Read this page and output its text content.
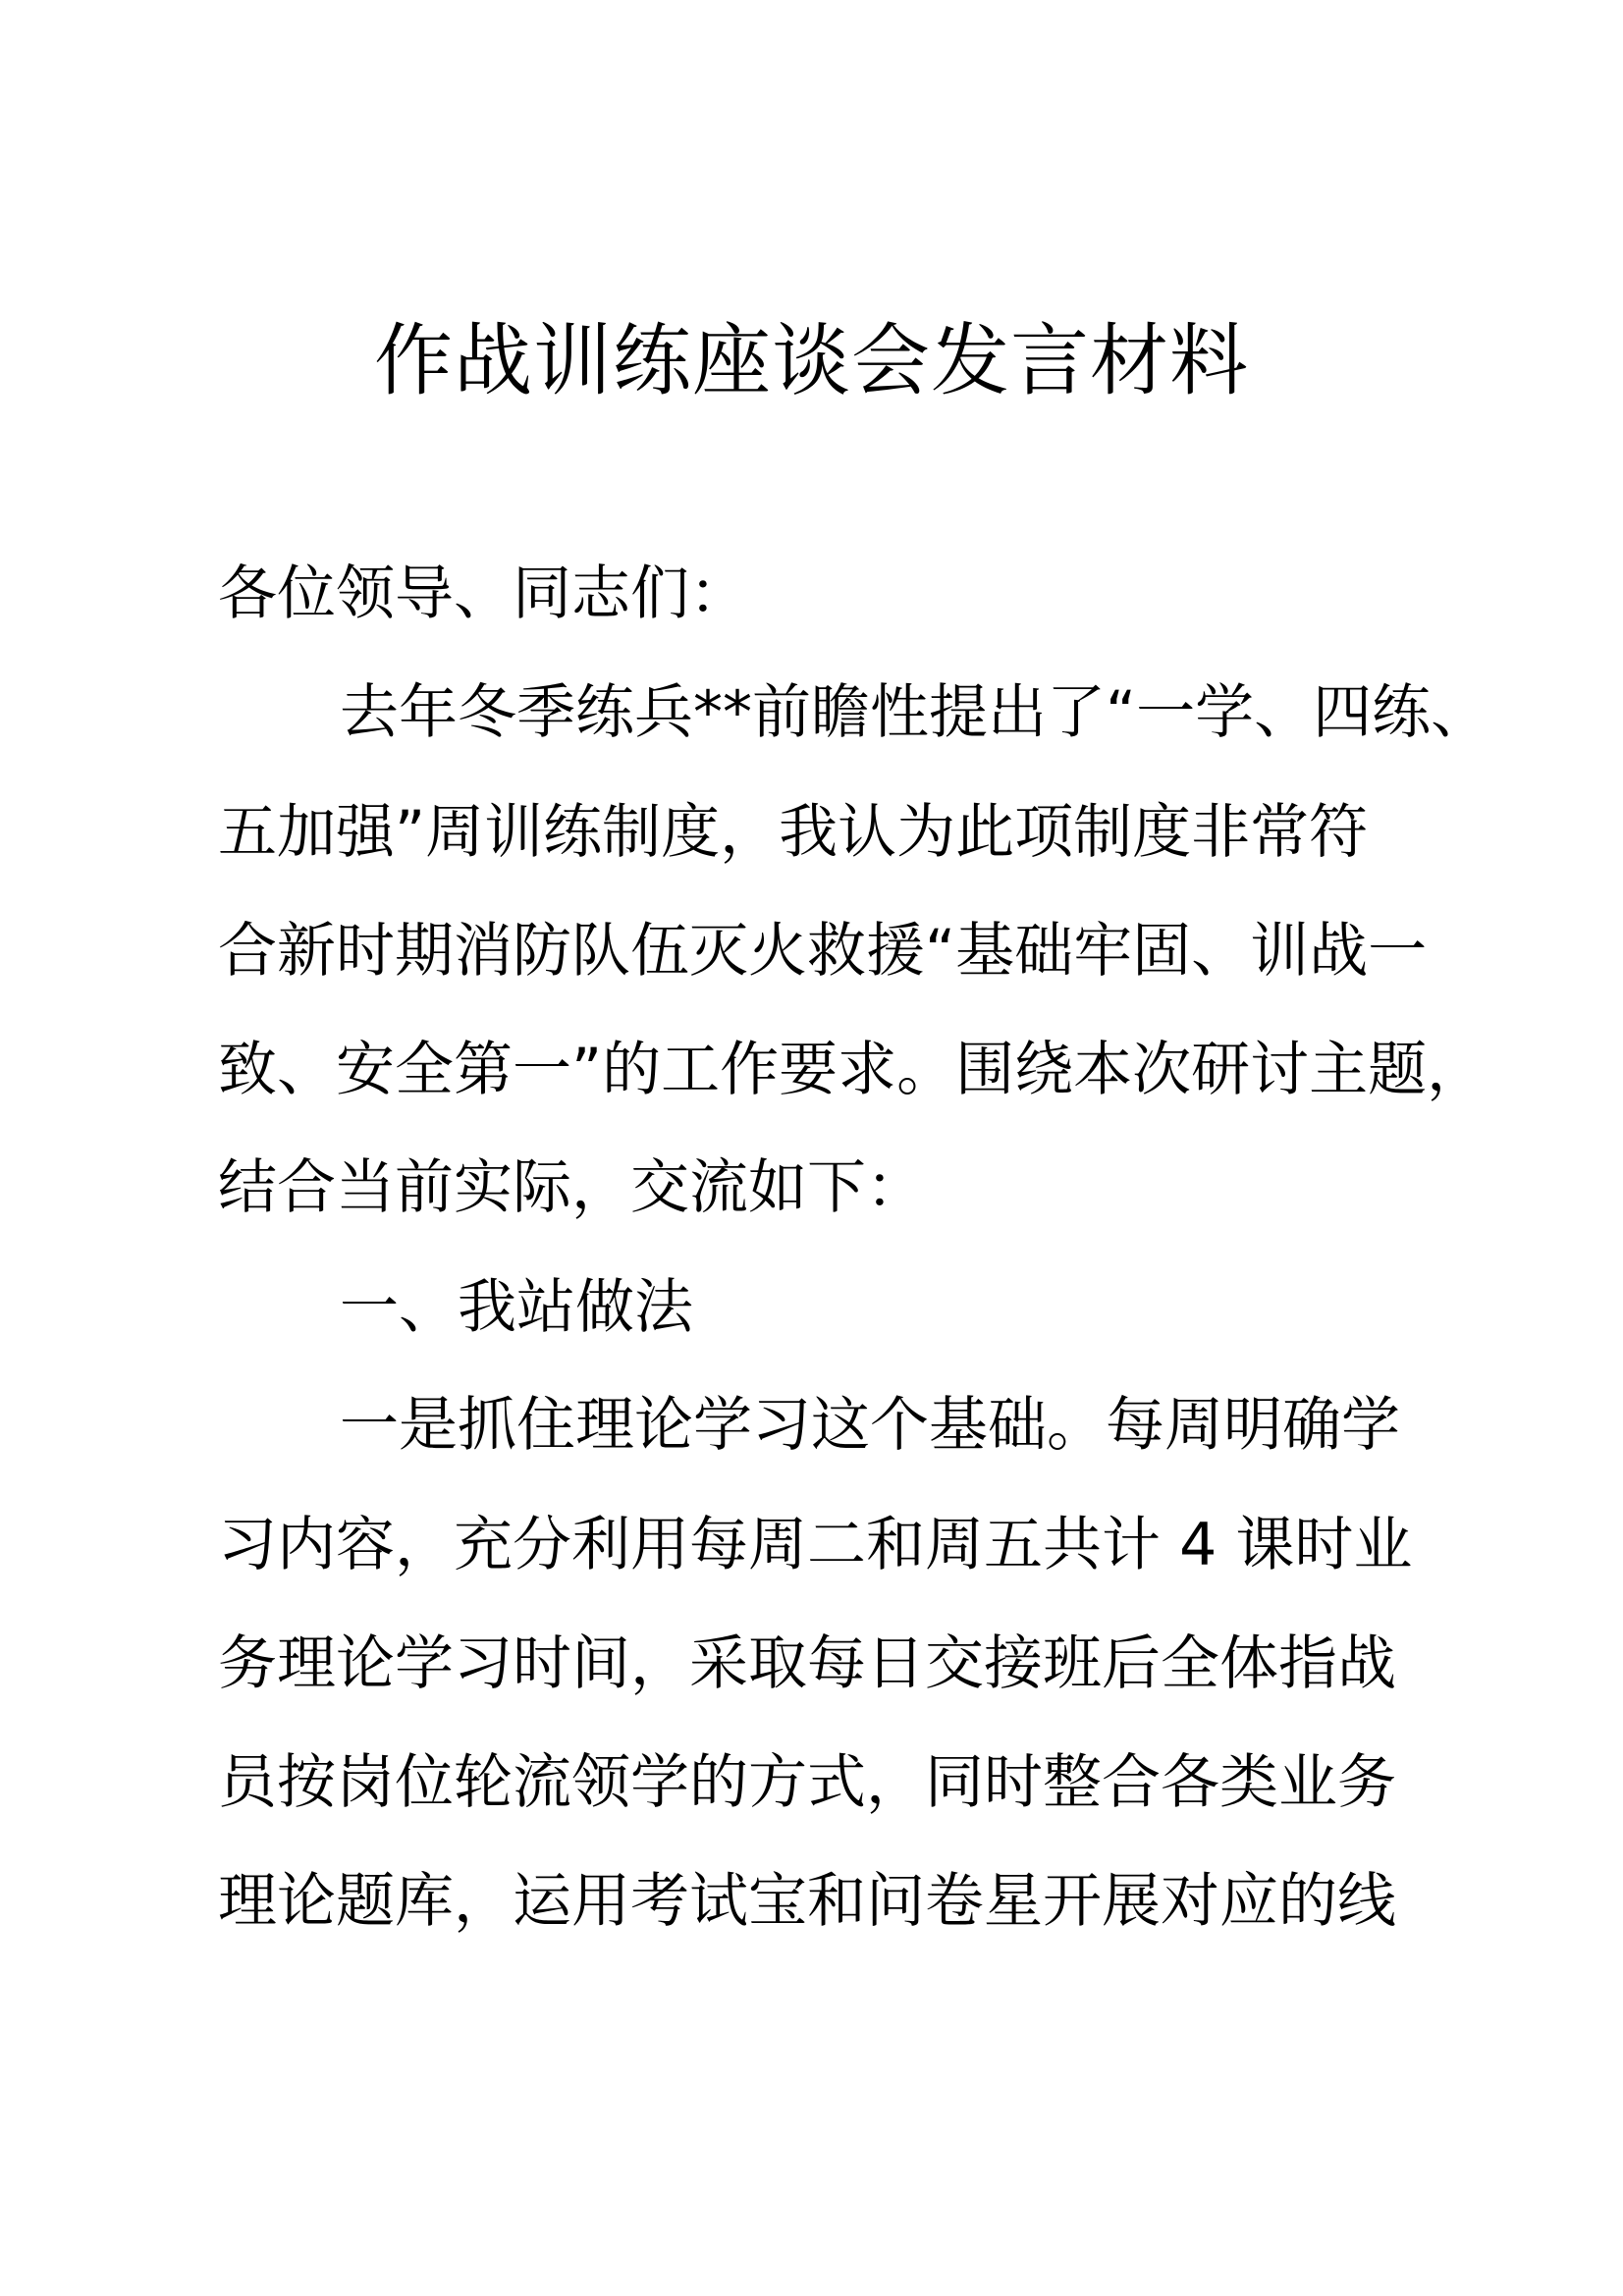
作战训练座谈会发言材料
各位领导、同志们：
去年冬季练兵**前瞻性提出了“一学、四练、
五加强”周训练制度，我认为此项制度非常符
合新时期消防队伍灭火救援“基础牢固、训战一
致、安全第一”的工作要求。围绕本次研讨主题，
结合当前实际，交流如下：
一、我站做法
一是抓住理论学习这个基础。每周明确学
习内容，充分利用每周二和周五共计 4 课时业
务理论学习时间，采取每日交接班后全体指战
员按岗位轮流领学的方式，同时整合各类业务
理论题库，运用考试宝和问卷星开展对应的线
